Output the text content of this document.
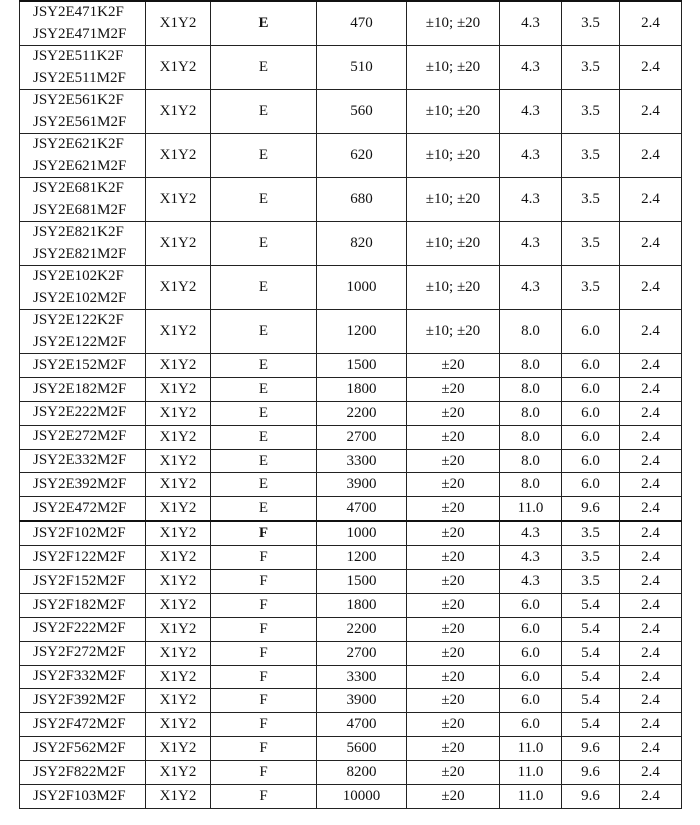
JSY2E471K2F
JSY2E471M2F	X1Y2	E	470	±10; ±20	4.3	3.5	2.4

JSY2E511K2F
JSY2E511M2F	X1Y2	E	510	±10; ±20	4.3	3.5	2.4

JSY2E561K2F
JSY2E561M2F	X1Y2	E	560	±10; ±20	4.3	3.5	2.4

JSY2E621K2F
JSY2E621M2F	X1Y2	E	620	±10; ±20	4.3	3.5	2.4

JSY2E681K2F
JSY2E681M2F	X1Y2	E	680	±10; ±20	4.3	3.5	2.4

JSY2E821K2F
JSY2E821M2F	X1Y2	E	820	±10; ±20	4.3	3.5	2.4

JSY2E102K2F
JSY2E102M2F	X1Y2	E	1000	±10; ±20	4.3	3.5	2.4

JSY2E122K2F
JSY2E122M2F	X1Y2	E	1200	±10; ±20	8.0	6.0	2.4

JSY2E152M2F	X1Y2	E	1500	±20	8.0	6.0	2.4

JSY2E182M2F	X1Y2	E	1800	±20	8.0	6.0	2.4

JSY2E222M2F	X1Y2	E	2200	±20	8.0	6.0	2.4

JSY2E272M2F	X1Y2	E	2700	±20	8.0	6.0	2.4

JSY2E332M2F	X1Y2	E	3300	±20	8.0	6.0	2.4

JSY2E392M2F	X1Y2	E	3900	±20	8.0	6.0	2.4

JSY2E472M2F	X1Y2	E	4700	±20	11.0	9.6	2.4

JSY2F102M2F	X1Y2	F	1000	±20	4.3	3.5	2.4

JSY2F122M2F	X1Y2	F	1200	±20	4.3	3.5	2.4

JSY2F152M2F	X1Y2	F	1500	±20	4.3	3.5	2.4

JSY2F182M2F	X1Y2	F	1800	±20	6.0	5.4	2.4

JSY2F222M2F	X1Y2	F	2200	±20	6.0	5.4	2.4

JSY2F272M2F	X1Y2	F	2700	±20	6.0	5.4	2.4

JSY2F332M2F	X1Y2	F	3300	±20	6.0	5.4	2.4

JSY2F392M2F	X1Y2	F	3900	±20	6.0	5.4	2.4

JSY2F472M2F	X1Y2	F	4700	±20	6.0	5.4	2.4

JSY2F562M2F	X1Y2	F	5600	±20	11.0	9.6	2.4

JSY2F822M2F	X1Y2	F	8200	±20	11.0	9.6	2.4

JSY2F103M2F	X1Y2	F	10000	±20	11.0	9.6	2.4
